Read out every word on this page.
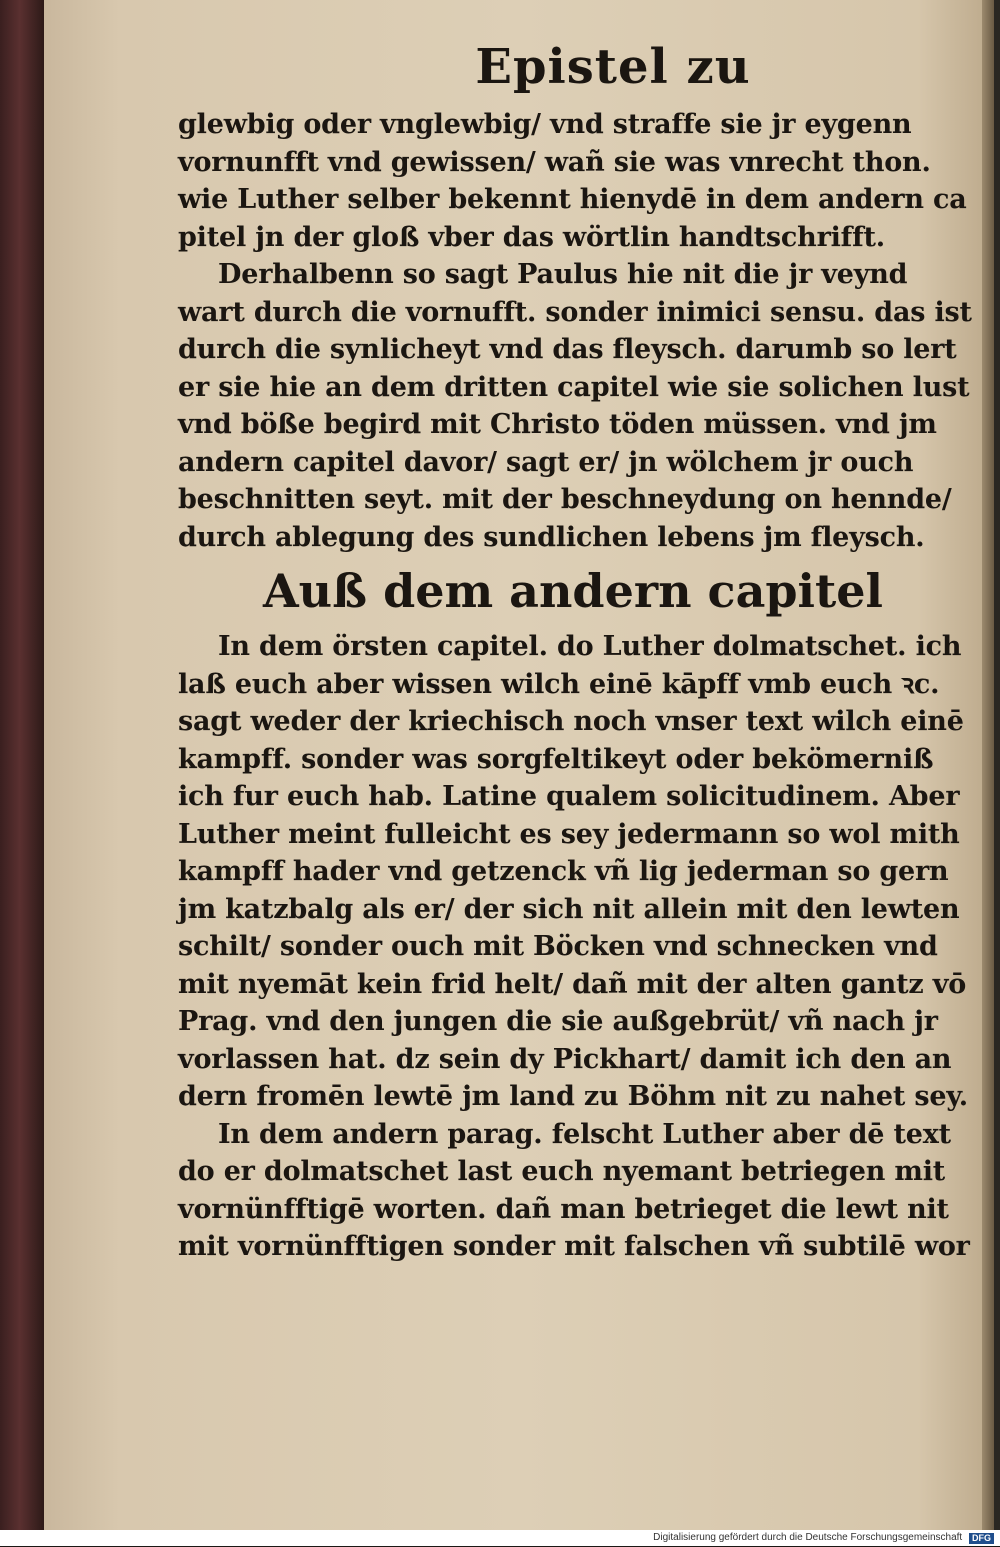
Epistel zu
glewbig oder vnglewbig/ vnd straffe sie jr eygenn
vornunfft vnd gewissen/ wañ sie was vnrecht thon.
wie Luther selber bekennt hienydē in dem andern ca
pitel jn der gloß vber das wörtlin handtschrifft.
Derhalbenn so sagt Paulus hie nit die jr veynd
wart durch die vornufft. sonder inimici sensu. das ist
durch die synlicheyt vnd das fleysch. darumb so lert
er sie hie an dem dritten capitel wie sie solichen lust
vnd böße begird mit Christo töden müssen. vnd jm
andern capitel davor/ sagt er/ jn wölchem jr ouch
beschnitten seyt. mit der beschneydung on hennde/
durch ablegung des sundlichen lebens jm fleysch.
Auß dem andern capitel
In dem örsten capitel. do Luther dolmatschet. ich
laß euch aber wissen wilch einē kāpff vmb euch ꝛc.
sagt weder der kriechisch noch vnser text wilch einē
kampff. sonder was sorgfeltikeyt oder bekömerniß
ich fur euch hab. Latine qualem solicitudinem. Aber
Luther meint fulleicht es sey jedermann so wol mith
kampff hader vnd getzenck vñ lig jederman so gern
jm katzbalg als er/ der sich nit allein mit den lewten
schilt/ sonder ouch mit Böcken vnd schnecken vnd
mit nyemāt kein frid helt/ dañ mit der alten gantz vō
Prag. vnd den jungen die sie außgebrüt/ vñ nach jr
vorlassen hat. dz sein dy Pickhart/ damit ich den an
dern fromēn lewtē jm land zu Böhm nit zu nahet sey.
In dem andern parag. felscht Luther aber dē text
do er dolmatschet last euch nyemant betriegen mit
vornünfftigē worten. dañ man betrieget die lewt nit
mit vornünfftigen sonder mit falschen vñ subtilē wor
Digitalisierung gefördert durch die Deutsche Forschungsgemeinschaft DFG
